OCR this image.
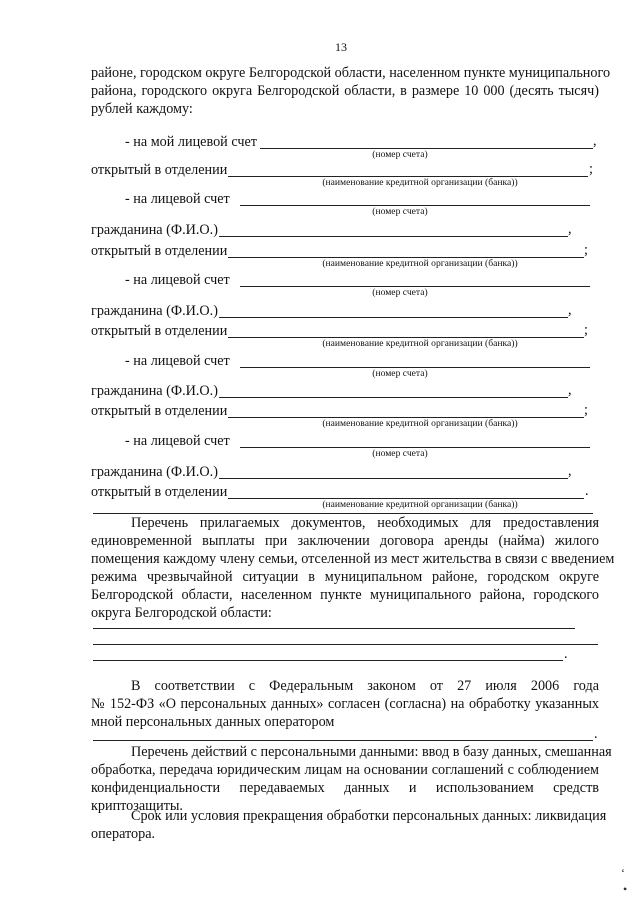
13
районе, городском округе Белгородской области, населенном пункте муниципального
района, городского округа Белгородской области, в размере 10 000 (десять тысяч)
рублей каждому:
- на мой лицевой счет	,
(номер счета)
открытый в отделении	;
(наименование кредитной организации (банка))
- на лицевой счет
(номер счета)
гражданина (Ф.И.О.)	,
открытый в отделении	;
(наименование кредитной организации (банка))
- на лицевой счет
(номер счета)
гражданина (Ф.И.О.)	,
открытый в отделении	;
(наименование кредитной организации (банка))
- на лицевой счет
(номер счета)
гражданина (Ф.И.О.)	,
открытый в отделении	;
(наименование кредитной организации (банка))
- на лицевой счет
(номер счета)
гражданина (Ф.И.О.)	,
открытый в отделении	.
(наименование кредитной организации (банка))
Перечень прилагаемых документов, необходимых для предоставления
единовременной выплаты при заключении договора аренды (найма) жилого
помещения каждому члену семьи, отселенной из мест жительства в связи с введением
режима чрезвычайной ситуации в муниципальном районе, городском округе
Белгородской области, населенном пункте муниципального района, городского
округа Белгородской области:
.
В соответствии с Федеральным законом от 27 июля 2006 года
№ 152-ФЗ «О персональных данных» согласен (согласна) на обработку указанных
мной персональных данных оператором
.
Перечень действий с персональными данными: ввод в базу данных, смешанная
обработка, передача юридическим лицам на основании соглашений с соблюдением
конфиденциальности передаваемых данных и использованием средств
криптозащиты.
Срок или условия прекращения обработки персональных данных: ликвидация
оператора.
‘
•
